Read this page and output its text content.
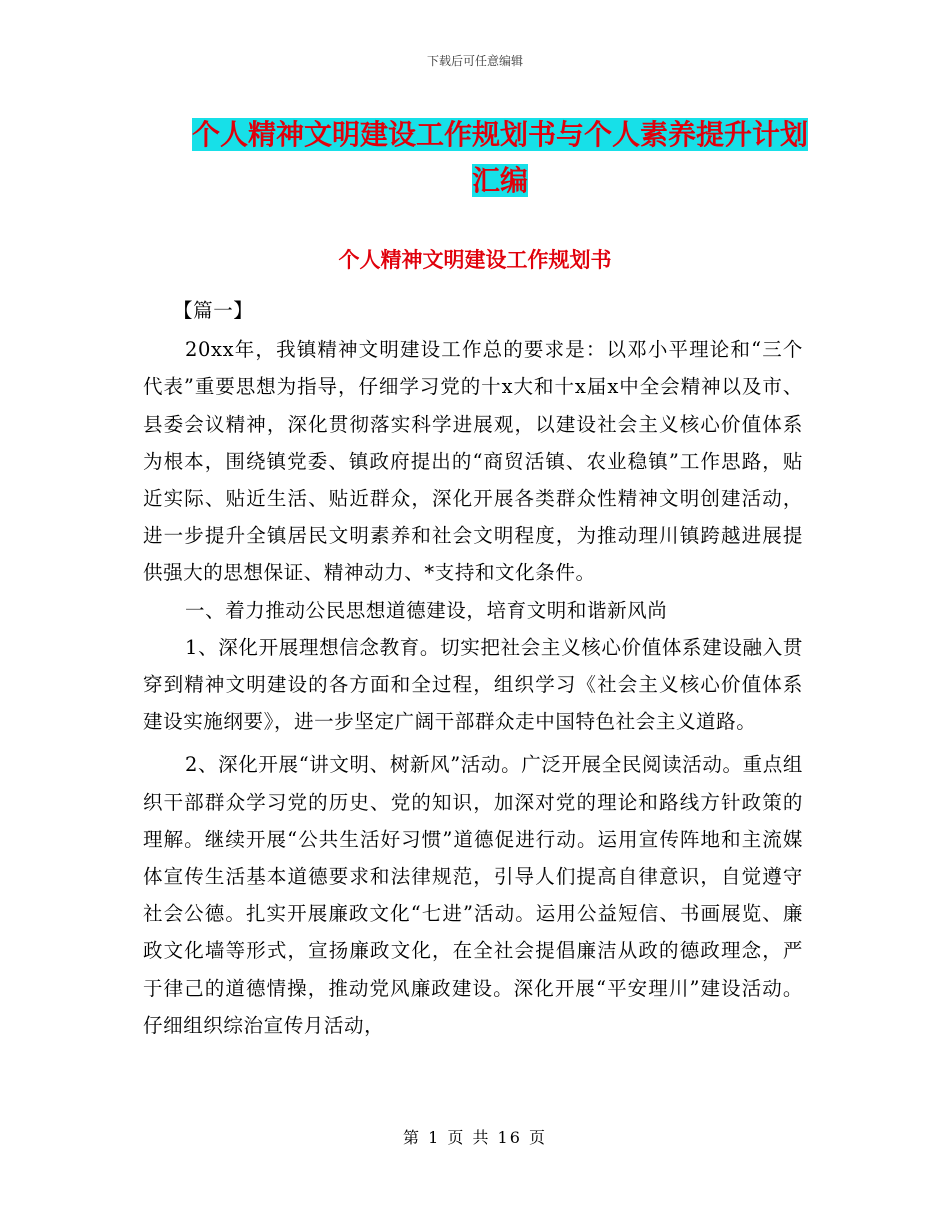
下载后可任意编辑
个人精神文明建设工作规划书与个人素养提升计划汇编
个人精神文明建设工作规划书

【篇一】

20xx年，我镇精神文明建设工作总的要求是：以邓小平理论和“三个代表”重要思想为指导，仔细学习党的十x大和十x届x中全会精神以及市、县委会议精神，深化贯彻落实科学进展观，以建设社会主义核心价值体系为根本，围绕镇党委、镇政府提出的“商贸活镇、农业稳镇”工作思路，贴近实际、贴近生活、贴近群众，深化开展各类群众性精神文明创建活动，进一步提升全镇居民文明素养和社会文明程度，为推动理川镇跨越进展提供强大的思想保证、精神动力、*支持和文化条件。

一、着力推动公民思想道德建设，培育文明和谐新风尚

1、深化开展理想信念教育。切实把社会主义核心价值体系建设融入贯穿到精神文明建设的各方面和全过程，组织学习《社会主义核心价值体系建设实施纲要》，进一步坚定广阔干部群众走中国特色社会主义道路。

2、深化开展“讲文明、树新风”活动。广泛开展全民阅读活动。重点组织干部群众学习党的历史、党的知识，加深对党的理论和路线方针政策的理解。继续开展“公共生活好习惯”道德促进行动。运用宣传阵地和主流媒体宣传生活基本道德要求和法律规范，引导人们提高自律意识，自觉遵守社会公德。扎实开展廉政文化“七进”活动。运用公益短信、书画展览、廉政文化墙等形式，宣扬廉政文化，在全社会提倡廉洁从政的德政理念，严于律己的道德情操，推动党风廉政建设。深化开展“平安理川”建设活动。仔细组织综治宣传月活动，

第 1 页 共 16 页
